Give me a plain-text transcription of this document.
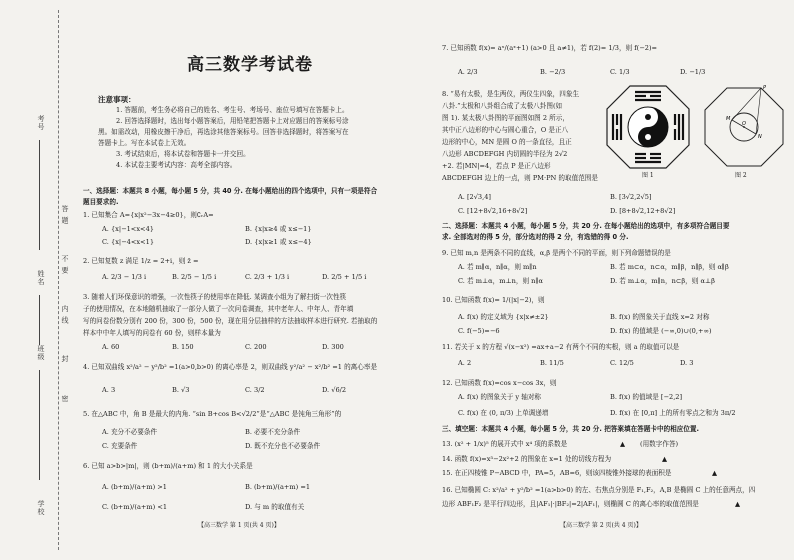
考号
姓名
班级
学校
答 题
不 要
内 线
封
密
高三数学考试卷
注意事项：
1. 答题前，考生务必将自己的姓名、考生号、考场号、座位号填写在答题卡上。
2. 回答选择题时，选出每小题答案后，用铅笔把答题卡上对应题目的答案标号涂
黑。如需改动，用橡皮擦干净后，再选涂其他答案标号。回答非选择题时，将答案写在
答题卡上。写在本试卷上无效。
3. 考试结束后，将本试卷和答题卡一并交回。
4. 本试卷主要考试内容：高考全部内容。
一、选择题：本题共 8 小题，每小题 5 分，共 40 分. 在每小题给出的四个选项中，只有一项是符合
题目要求的.
1. 已知集合 A={x|x²−3x−4≥0}，则∁ᵣA=
A. {x|−1<x<4}	B. {x|x≥4 或 x≤−1}
C. {x|−4<x<1}	D. {x|x≥1 或 x≤−4}
2. 已知复数 z 满足 1/z = 2+i，则 z̄ =
A. 2/3 − 1/3 i	B. 2/5 − 1/5 i	C. 2/3 + 1/3 i	D. 2/5 + 1/5 i
3. 随着人们环保意识的增强，一次性筷子的使用率在降低. 某调查小组为了解扫街一次性筷
子的使用情况，在本地随机抽取了一部分人做了一次问卷调查，其中老年人、中年人、青年填
写的问卷份数分别有 200 份，300 份，500 份，现在用分层抽样的方法抽取样本进行研究. 若抽取的
样本中中年人填写的问卷有 60 份，则样本量为
A. 60	B. 150	C. 200	D. 300
4. 已知双曲线 x²/a² − y²/b² =1(a>0,b>0) 的离心率是 2，则双曲线 y²/a² − x²/b² =1 的离心率是
A. 3	B. √3	C. 3/2	D. √6/2
5. 在△ABC 中，角 B 是最大的内角. “sin B+cos B<√2/2”是“△ABC 是钝角三角形”的
A. 充分不必要条件	B. 必要不充分条件
C. 充要条件	D. 既不充分也不必要条件
6. 已知 a>b>|m|，则 (b+m)/(a+m) 和 1 的大小关系是
A. (b+m)/(a+m) >1	B. (b+m)/(a+m) =1
C. (b+m)/(a+m) <1	D. 与 m 的取值有关
【高三数学 第 1 页(共 4 页)】
7. 已知函数 f(x)= aˣ/(aˣ+1) (a>0 且 a≠1)，若 f(2)= 1/3，则 f(−2)=
A. 2/3	B. −2/3	C. 1/3	D. −1/3
8. “易有太极，是生两仪，两仪生四象，四象生
八卦.”太极和八卦组合成了太极八卦图(如
图 1). 某太极八卦图的平面图如图 2 所示，
其中正八边形的中心与圆心重合，O 是正八
边形的中心，MN 是圆 O 的一条直径，且正
八边形 ABCDEFGH 内切圆的半径为 2√2
+2. 若|MN|=4，若点 P 是正八边形
ABCDEFGH 边上的一点，则 PM·PN 的取值范围是	图 1
O
M
N
P
图 2
A. [2√3,4]	B. [3√2,2√5]
C. [12+8√2,16+8√2]	D. [8+8√2,12+8√2]
二、选择题：本题共 4 小题，每小题 5 分，共 20 分. 在每小题给出的选项中，有多项符合题目要
求. 全部选对的得 5 分，部分选对的得 2 分，有选错的得 0 分.
9. 已知 m,n 是两条不同的直线，α,β 是两个不同的平面，则下列命题错误的是
A. 若 m∥α，n∥α，则 m∥n	B. 若 m⊂α，n⊂α，m∥β，n∥β，则 α∥β
C. 若 m⊥α，m⊥n，则 n∥α	D. 若 m⊥α，m∥n，n⊂β，则 α⊥β
10. 已知函数 f(x)= 1/(|x|−2)，则
A. f(x) 的定义域为 {x|x≠±2}	B. f(x) 的图象关于直线 x=2 对称
C. f(−5)=−6	D. f(x) 的值域是 (−∞,0)∪(0,+∞)
11. 若关于 x 的方程 √(x−x²) =ax+a−2 有两个不同的实根，则 a 的取值可以是
A. 2	B. 11/5	C. 12/5	D. 3
12. 已知函数 f(x)=cos x−cos 3x，则
A. f(x) 的图象关于 y 轴对称	B. f(x) 的值域是 [−2,2]
C. f(x) 在 (0, π/3) 上单调递增	D. f(x) 在 [0,π] 上的所有零点之和为 3π/2
三、填空题：本题共 4 小题，每小题 5 分，共 20 分. 把答案填在答题卡中的相应位置.
13. (x² + 1/x)⁵ 的展开式中 x⁴ 项的系数是	▲ (用数字作答)
14. 函数 f(x)=x³−2x²+2 的图象在 x=1 处的切线方程为	▲
15. 在正四棱锥 P−ABCD 中，PA=5，AB=6，则该四棱锥外接球的表面积是	▲
16. 已知椭圆 C: x²/a² + y²/b² =1(a>b>0) 的左、右焦点分别是 F₁,F₂，A,B 是椭圆 C 上的任意两点，四
边形 ABF₁F₂ 是平行四边形，且|AF₁|·|BF₂|=2|AF₁|，则椭圆 C 的离心率的取值范围是	▲
【高三数学 第 2 页(共 4 页)】
